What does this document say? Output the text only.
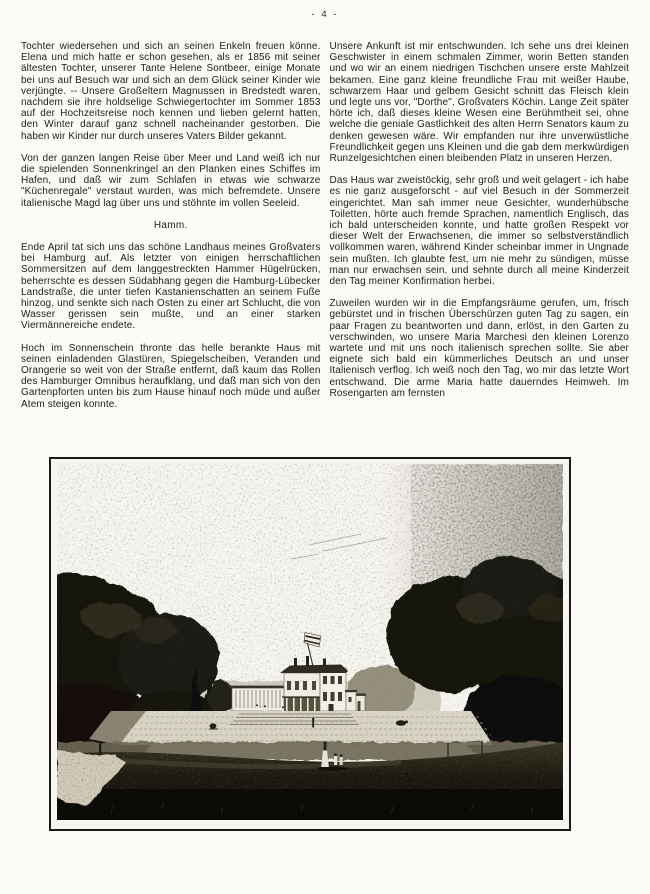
- 4 -

Tochter wiedersehen und sich an seinen Enkeln freuen könne. Elena und mich hatte er schon gesehen, als er 1856 mit seiner ältesten Tochter, unserer Tante Helene Sontbeer, einige Monate bei uns auf Besuch war und sich an dem Glück seiner Kinder wie verjüngte. -- Unsere Großeltern Magnussen in Bredstedt waren, nachdem sie ihre holdselige Schwiegertochter im Sommer 1853 auf der Hochzeitsreise noch kennen und lieben gelernt hatten, den Winter darauf ganz schnell nacheinander gestorben. Die haben wir Kinder nur durch unseres Vaters Bilder gekannt.

Von der ganzen langen Reise über Meer und Land weiß ich nur die spielenden Sonnenkringel an den Planken eines Schiffes im Hafen, und daß wir zum Schlafen in etwas wie schwarze "Küchenregale" verstaut wurden, was mich befremdete. Unsere italienische Magd lag über uns und stöhnte im vollen Seeleid.

Hamm.

Ende April tat sich uns das schöne Landhaus meines Großvaters bei Hamburg auf. Als letzter von einigen herrschaftlichen Sommersitzen auf dem langgestreckten Hammer Hügelrücken, beherrschte es dessen Südabhang gegen die Hamburg-Lübecker Landstraße, die unter tiefen Kastanienschatten an seinem Fuße hinzog, und senkte sich nach Osten zu einer art Schlucht, die von Wasser gerissen sein mußte, und an einer starken Viermännereiche endete.

Hoch im Sonnenschein thronte das helle berankte Haus mit seinen einladenden Glastüren, Spiegelscheiben, Veranden und Orangerie so weit von der Straße entfernt, daß kaum das Rollen des Hamburger Omnibus heraufklang, und daß man sich von den Gartenpforten unten bis zum Hause hinauf noch müde und außer Atem steigen konnte.

Unsere Ankunft ist mir entschwunden. Ich sehe uns drei kleinen Geschwister in einem schmalen Zimmer, worin Betten standen und wo wir an einem niedrigen Tischchen unsere erste Mahlzeit bekamen. Eine ganz kleine freundliche Frau mit weißer Haube, schwarzem Haar und gelbem Gesicht schnitt das Fleisch klein und legte uns vor, "Dorthe", Großvaters Köchin. Lange Zeit später hörte ich, daß dieses kleine Wesen eine Berühmtheit sei, ohne welche die geniale Gastlichkeit des alten Herrn Senators kaum zu denken gewesen wäre. Wir empfanden nur ihre unverwüstliche Freundlichkeit gegen uns Kleinen und die gab dem merkwürdigen Runzelgesichtchen einen bleibenden Platz in unseren Herzen.

Das Haus war zweistöckig, sehr groß und weit gelagert - ich habe es nie ganz ausgeforscht - auf viel Besuch in der Sommerzeit eingerichtet. Man sah immer neue Gesichter, wunderhübsche Toiletten, hörte auch fremde Sprachen, namentlich Englisch, das ich bald unterscheiden konnte, und hatte großen Respekt vor dieser Welt der Erwachsenen, die immer so selbstverständlich vollkommen waren, während Kinder scheinbar immer in Ungnade sein mußten. Ich glaubte fest, um nie mehr zu sündigen, müsse man nur erwachsen sein, und sehnte durch all meine Kinderzeit den Tag meiner Konfirmation herbei.

Zuweilen wurden wir in die Empfangsräume gerufen, um, frisch gebürstet und in frischen Überschürzen guten Tag zu sagen, ein paar Fragen zu beantworten und dann, erlöst, in den Garten zu verschwinden, wo unsere Maria Marchesi den kleinen Lorenzo wartete und mit uns noch italienisch sprechen sollte. Sie aber eignete sich bald ein kümmerliches Deutsch an und unser Italienisch verflog. Ich weiß noch den Tag, wo mir das letzte Wort entschwand. Die arme Maria hatte dauerndes Heimweh. Im Rosengarten am fernsten
